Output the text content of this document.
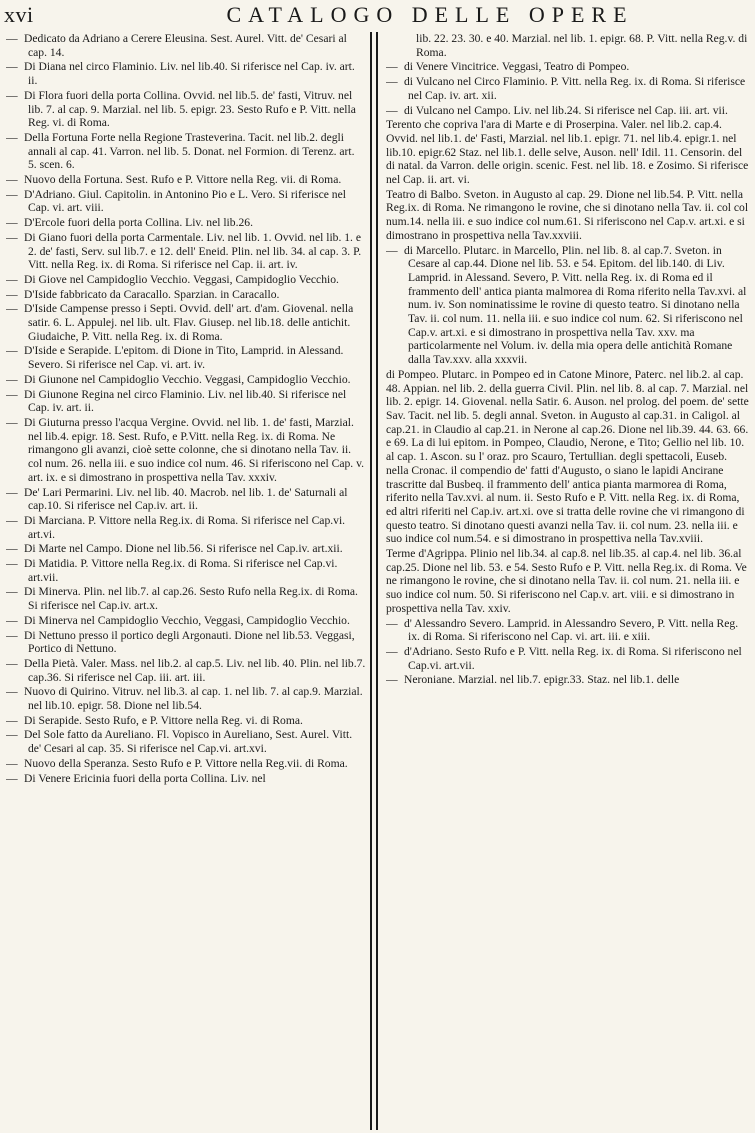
xvi	CATALOGO DELLE OPERE
— Dedicato da Adriano a Cerere Eleusina. Sest. Aurel. Vitt. de' Cesari al cap. 14.
— Di Diana nel circo Flaminio. Liv. nel lib.40. Si riferisce nel Cap. iv. art. ii.
— Di Flora fuori della porta Collina. Ovvid. nel lib.5. de' fasti, Vitruv. nel lib. 7. al cap. 9. Marzial. nel lib. 5. epigr. 23. Sesto Rufo e P. Vitt. nella Reg. vi. di Roma.
— Della Fortuna Forte nella Regione Trasteverina. Tacit. nel lib.2. degli annali al cap. 41. Varron. nel lib. 5. Donat. nel Formion. di Terenz. art. 5. scen. 6.
— Nuovo della Fortuna. Sest. Rufo e P. Vittore nella Reg. vii. di Roma.
— D'Adriano. Giul. Capitolin. in Antonino Pio e L. Vero. Si riferisce nel Cap. vi. art. viii.
— D'Ercole fuori della porta Collina. Liv. nel lib.26.
— Di Giano fuori della porta Carmentale. Liv. nel lib. 1. Ovvid. nel lib. 1. e 2. de' fasti, Serv. sul lib.7. e 12. dell' Eneid. Plin. nel lib. 34. al cap. 3. P. Vitt. nella Reg. ix. di Roma. Si riferisce nel Cap. ii. art. iv.
— Di Giove nel Campidoglio Vecchio. Veggasi, Campidoglio Vecchio.
— D'Iside fabbricato da Caracallo. Sparzian. in Caracallo.
— D'Iside Campense presso i Septi. Ovvid. dell' art. d'am. Giovenal. nella satir. 6. L. Appulej. nel lib. ult. Flav. Giusep. nel lib.18. delle antichit. Giudaiche, P. Vitt. nella Reg. ix. di Roma.
— D'Iside e Serapide. L'epitom. di Dione in Tito, Lamprid. in Alessand. Severo. Si riferisce nel Cap. vi. art. iv.
— Di Giunone nel Campidoglio Vecchio. Veggasi, Campidoglio Vecchio.
— Di Giunone Regina nel circo Flaminio. Liv. nel lib.40. Si riferisce nel Cap. iv. art. ii.
— Di Giuturna presso l'acqua Vergine. Ovvid. nel lib. 1. de' fasti, Marzial. nel lib.4. epigr. 18. Sest. Rufo, e P.Vitt. nella Reg. ix. di Roma. Ne rimangono gli avanzi, cioè sette colonne, che si dinotano nella Tav. ii. col num. 26. nella iii. e suo indice col num. 46. Si riferiscono nel Cap. v. art. ix. e si dimostrano in prospettiva nella Tav. xxxiv.
— De' Lari Permarini. Liv. nel lib. 40. Macrob. nel lib. 1. de' Saturnali al cap.10. Si riferisce nel Cap.iv. art. ii.
— Di Marciana. P. Vittore nella Reg.ix. di Roma. Si riferisce nel Cap.vi. art.vi.
— Di Marte nel Campo. Dione nel lib.56. Si riferisce nel Cap.iv. art.xii.
— Di Matidia. P. Vittore nella Reg.ix. di Roma. Si riferisce nel Cap.vi. art.vii.
— Di Minerva. Plin. nel lib.7. al cap.26. Sesto Rufo nella Reg.ix. di Roma. Si riferisce nel Cap.iv. art.x.
— Di Minerva nel Campidoglio Vecchio, Veggasi, Campidoglio Vecchio.
— Di Nettuno presso il portico degli Argonauti. Dione nel lib.53. Veggasi, Portico di Nettuno.
— Della Pietà. Valer. Mass. nel lib.2. al cap.5. Liv. nel lib. 40. Plin. nel lib.7. cap.36. Si riferisce nel Cap. iii. art. iii.
— Nuovo di Quirino. Vitruv. nel lib.3. al cap. 1. nel lib. 7. al cap.9. Marzial. nel lib.10. epigr. 58. Dione nel lib.54.
— Di Serapide. Sesto Rufo, e P. Vittore nella Reg. vi. di Roma.
— Del Sole fatto da Aureliano. Fl. Vopisco in Aureliano, Sest. Aurel. Vitt. de' Cesari al cap. 35. Si riferisce nel Cap.vi. art.xvi.
— Nuovo della Speranza. Sesto Rufo e P. Vittore nella Reg.vii. di Roma.
— Di Venere Ericinia fuori della porta Collina. Liv. nel
lib. 22. 23. 30. e 40. Marzial. nel lib. 1. epigr. 68. P. Vitt. nella Reg.v. di Roma.
— di Venere Vincitrice. Veggasi, Teatro di Pompeo.
— di Vulcano nel Circo Flaminio. P. Vitt. nella Reg. ix. di Roma. Si riferisce nel Cap. iv. art. xii.
— di Vulcano nel Campo. Liv. nel lib.24. Si riferisce nel Cap. iii. art. vii.
Terento che copriva l'ara di Marte e di Proserpina. Valer. nel lib.2. cap.4. Ovvid. nel lib.1. de' Fasti, Marzial. nel lib.1. epigr. 71. nel lib.4. epigr.1. nel lib.10. epigr.62 Staz. nel lib.1. delle selve, Auson. nell' Idil. 11. Censorin. del di natal. da Varron. delle origin. scenic. Fest. nel lib. 18. e Zosimo. Si riferisce nel Cap. ii. art. vi.
Teatro di Balbo. Sveton. in Augusto al cap. 29. Dione nel lib.54. P. Vitt. nella Reg.ix. di Roma. Ne rimangono le rovine, che si dinotano nella Tav. ii. col col num.14. nella iii. e suo indice col num.61. Si riferiscono nel Cap.v. art.xi. e si dimostrano in prospettiva nella Tav.xxviii.
— di Marcello. Plutarc. in Marcello, Plin. nel lib. 8. al cap.7. Sveton. in Cesare al cap.44. Dione nel lib. 53. e 54. Epitom. del lib.140. di Liv. Lamprid. in Alessand. Severo, P. Vitt. nella Reg. ix. di Roma ed il frammento dell' antica pianta malmorea di Roma riferito nella Tav.xvi. al num. iv. Son nominatissime le rovine di questo teatro. Si dinotano nella Tav. ii. col num. 11. nella iii. e suo indice col num. 62. Si riferiscono nel Cap.v. art.xi. e si dimostrano in prospettiva nella Tav. xxv. ma particolarmente nel Volum. iv. della mia opera delle antichità Romane dalla Tav.xxv. alla xxxvii.
di Pompeo. Plutarc. in Pompeo ed in Catone Minore, Paterc. nel lib.2. al cap. 48. Appian. nel lib. 2. della guerra Civil. Plin. nel lib. 8. al cap. 7. Marzial. nel lib. 2. epigr. 14. Giovenal. nella Satir. 6. Auson. nel prolog. del poem. de' sette Sav. Tacit. nel lib. 5. degli annal. Sveton. in Augusto al cap.31. in Caligol. al cap.21. in Claudio al cap.21. in Nerone al cap.26. Dione nel lib.39. 44. 63. 66. e 69. La di lui epitom. in Pompeo, Claudio, Nerone, e Tito; Gellio nel lib. 10. al cap. 1. Ascon. su l' oraz. pro Scauro, Tertullian. degli spettacoli, Euseb. nella Cronac. il compendio de' fatti d'Augusto, o siano le lapidi Ancirane trascritte dal Busbeq. il frammento dell' antica pianta marmorea di Roma, riferito nella Tav.xvi. al num. ii. Sesto Rufo e P. Vitt. nella Reg. ix. di Roma, ed altri riferiti nel Cap.iv. art.xi. ove si tratta delle rovine che vi rimangono di questo teatro. Si dinotano questi avanzi nella Tav. ii. col num. 23. nella iii. e suo indice col num.54. e si dimostrano in prospettiva nella Tav.xviii.
Terme d'Agrippa. Plinio nel lib.34. al cap.8. nel lib.35. al cap.4. nel lib. 36.al cap.25. Dione nel lib. 53. e 54. Sesto Rufo e P. Vitt. nella Reg.ix. di Roma. Ve ne rimangono le rovine, che si dinotano nella Tav. ii. col num. 21. nella iii. e suo indice col num. 50. Si riferiscono nel Cap.v. art. viii. e si dimostrano in prospettiva nella Tav. xxiv.
— d' Alessandro Severo. Lamprid. in Alessandro Severo, P. Vitt. nella Reg. ix. di Roma. Si riferiscono nel Cap. vi. art. iii. e xiii.
— d'Adriano. Sesto Rufo e P. Vitt. nella Reg. ix. di Roma. Si riferiscono nel Cap.vi. art.vii.
— Neroniane. Marzial. nel lib.7. epigr.33. Staz. nel lib.1. delle
